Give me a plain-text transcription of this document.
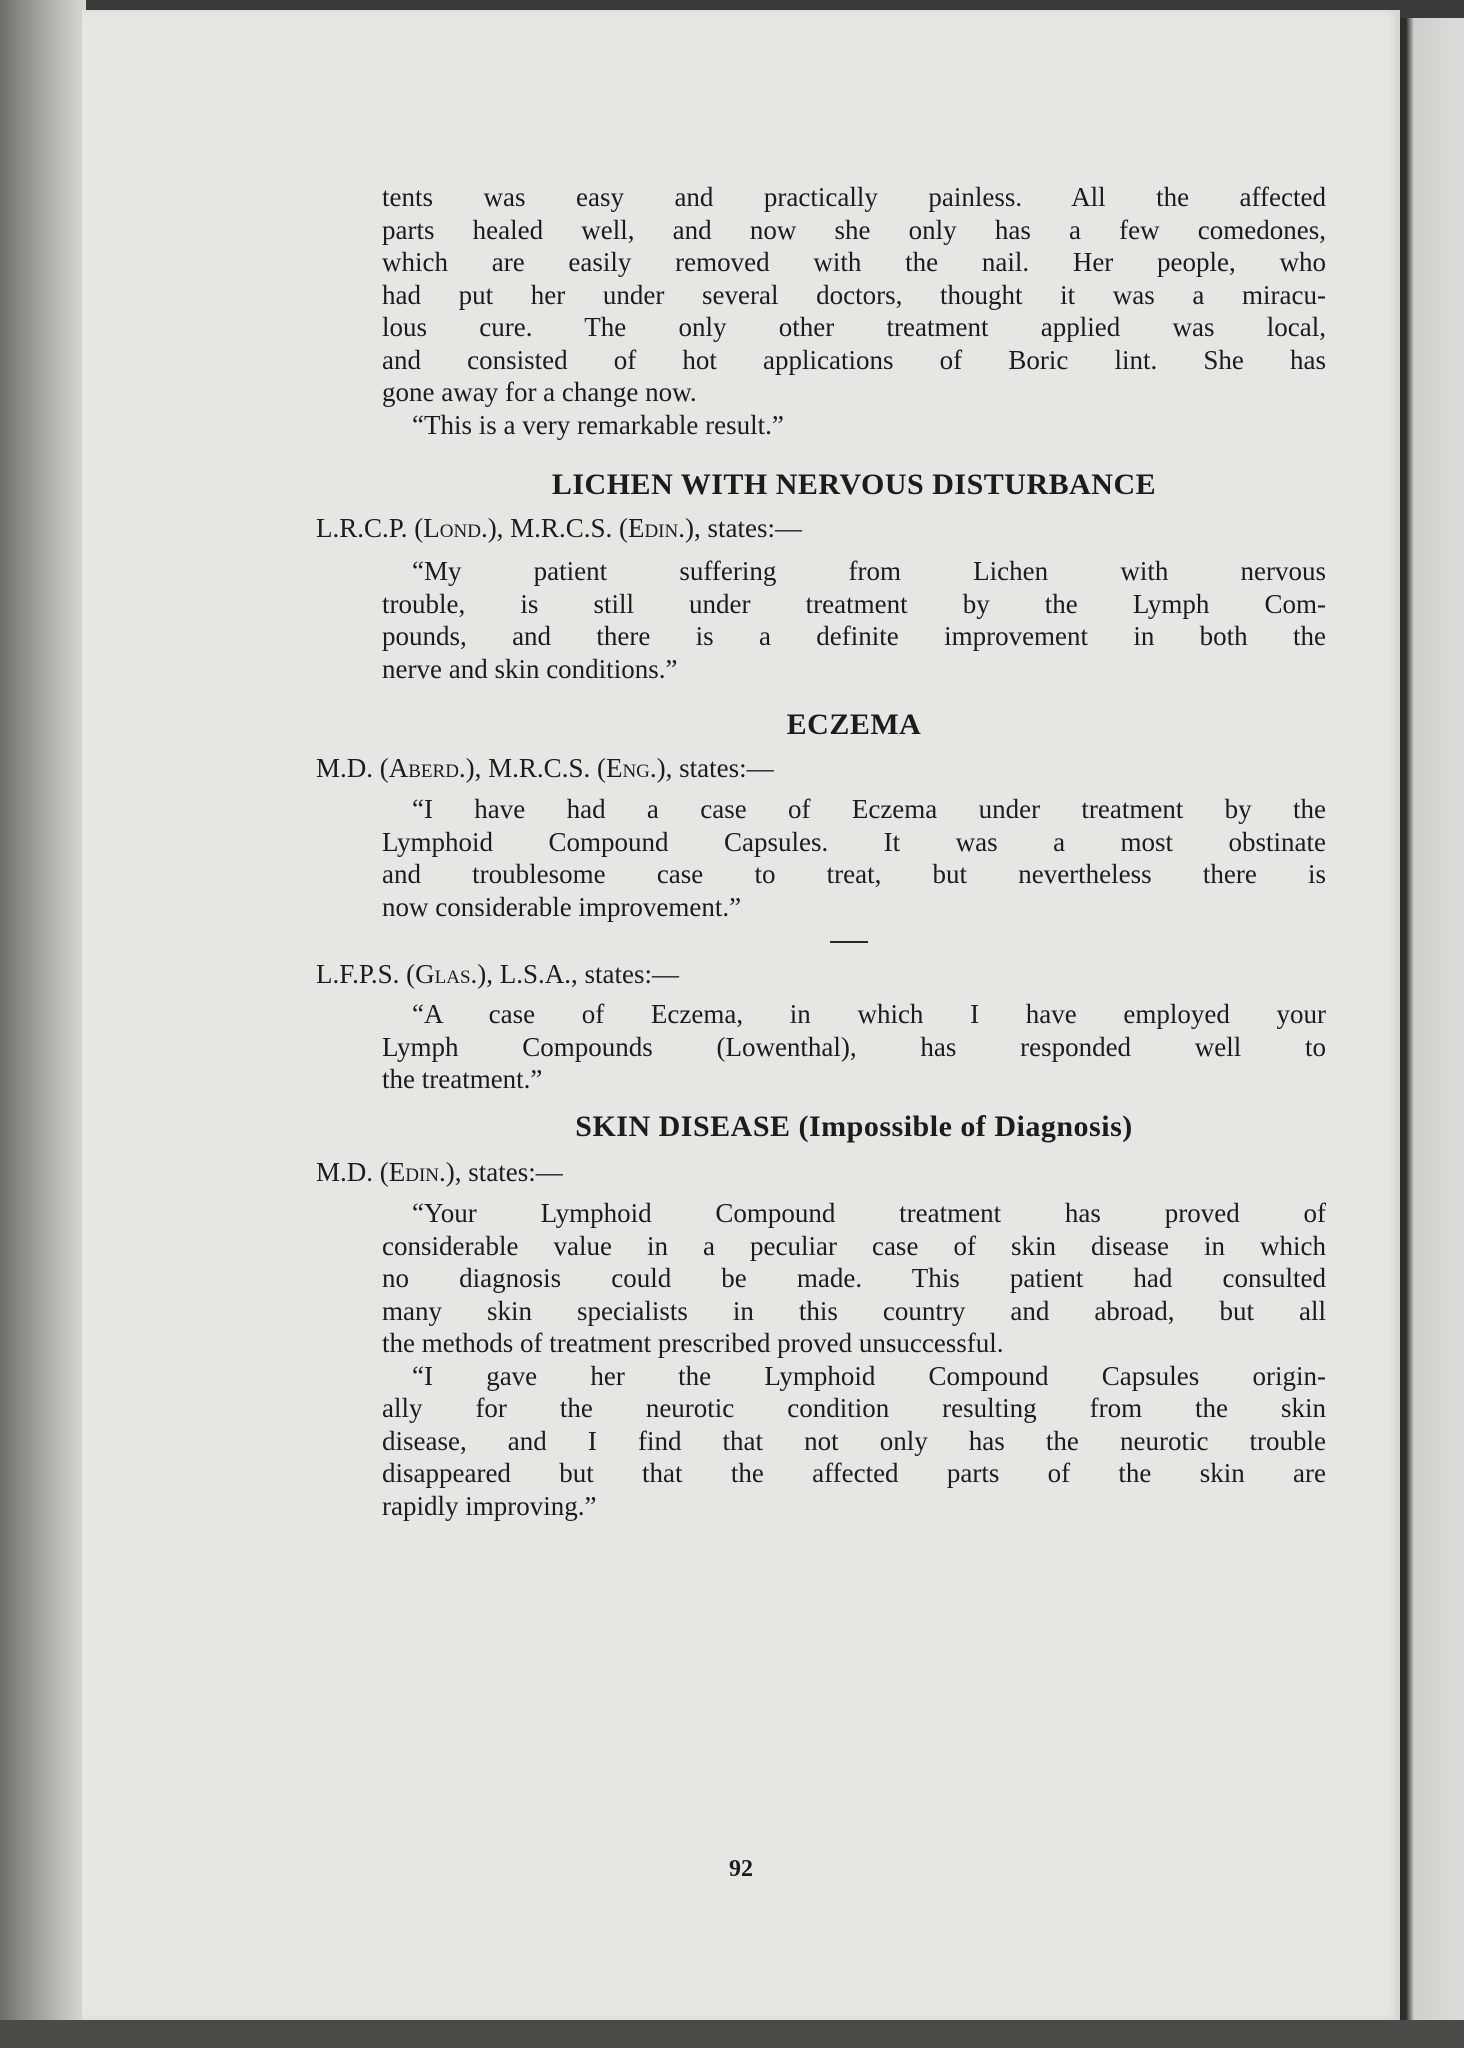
tents was easy and practically painless. All the affected
parts healed well, and now she only has a few comedones,
which are easily removed with the nail. Her people, who
had put her under several doctors, thought it was a miracu-
lous cure. The only other treatment applied was local,
and consisted of hot applications of Boric lint. She has
gone away for a change now.
“This is a very remarkable result.”
LICHEN WITH NERVOUS DISTURBANCE

L.R.C.P. (Lond.), M.R.C.S. (Edin.), states:—

“My patient suffering from Lichen with nervous
trouble, is still under treatment by the Lymph Com-
pounds, and there is a definite improvement in both the
nerve and skin conditions.”
ECZEMA

M.D. (Aberd.), M.R.C.S. (Eng.), states:—

“I have had a case of Eczema under treatment by the
Lymphoid Compound Capsules. It was a most obstinate
and troublesome case to treat, but nevertheless there is
now considerable improvement.”

L.F.P.S. (Glas.), L.S.A., states:—

“A case of Eczema, in which I have employed your
Lymph Compounds (Lowenthal), has responded well to
the treatment.”
SKIN DISEASE (Impossible of Diagnosis)

M.D. (Edin.), states:—

“Your Lymphoid Compound treatment has proved of
considerable value in a peculiar case of skin disease in which
no diagnosis could be made. This patient had consulted
many skin specialists in this country and abroad, but all
the methods of treatment prescribed proved unsuccessful.
“I gave her the Lymphoid Compound Capsules origin-
ally for the neurotic condition resulting from the skin
disease, and I find that not only has the neurotic trouble
disappeared but that the affected parts of the skin are
rapidly improving.”
92
